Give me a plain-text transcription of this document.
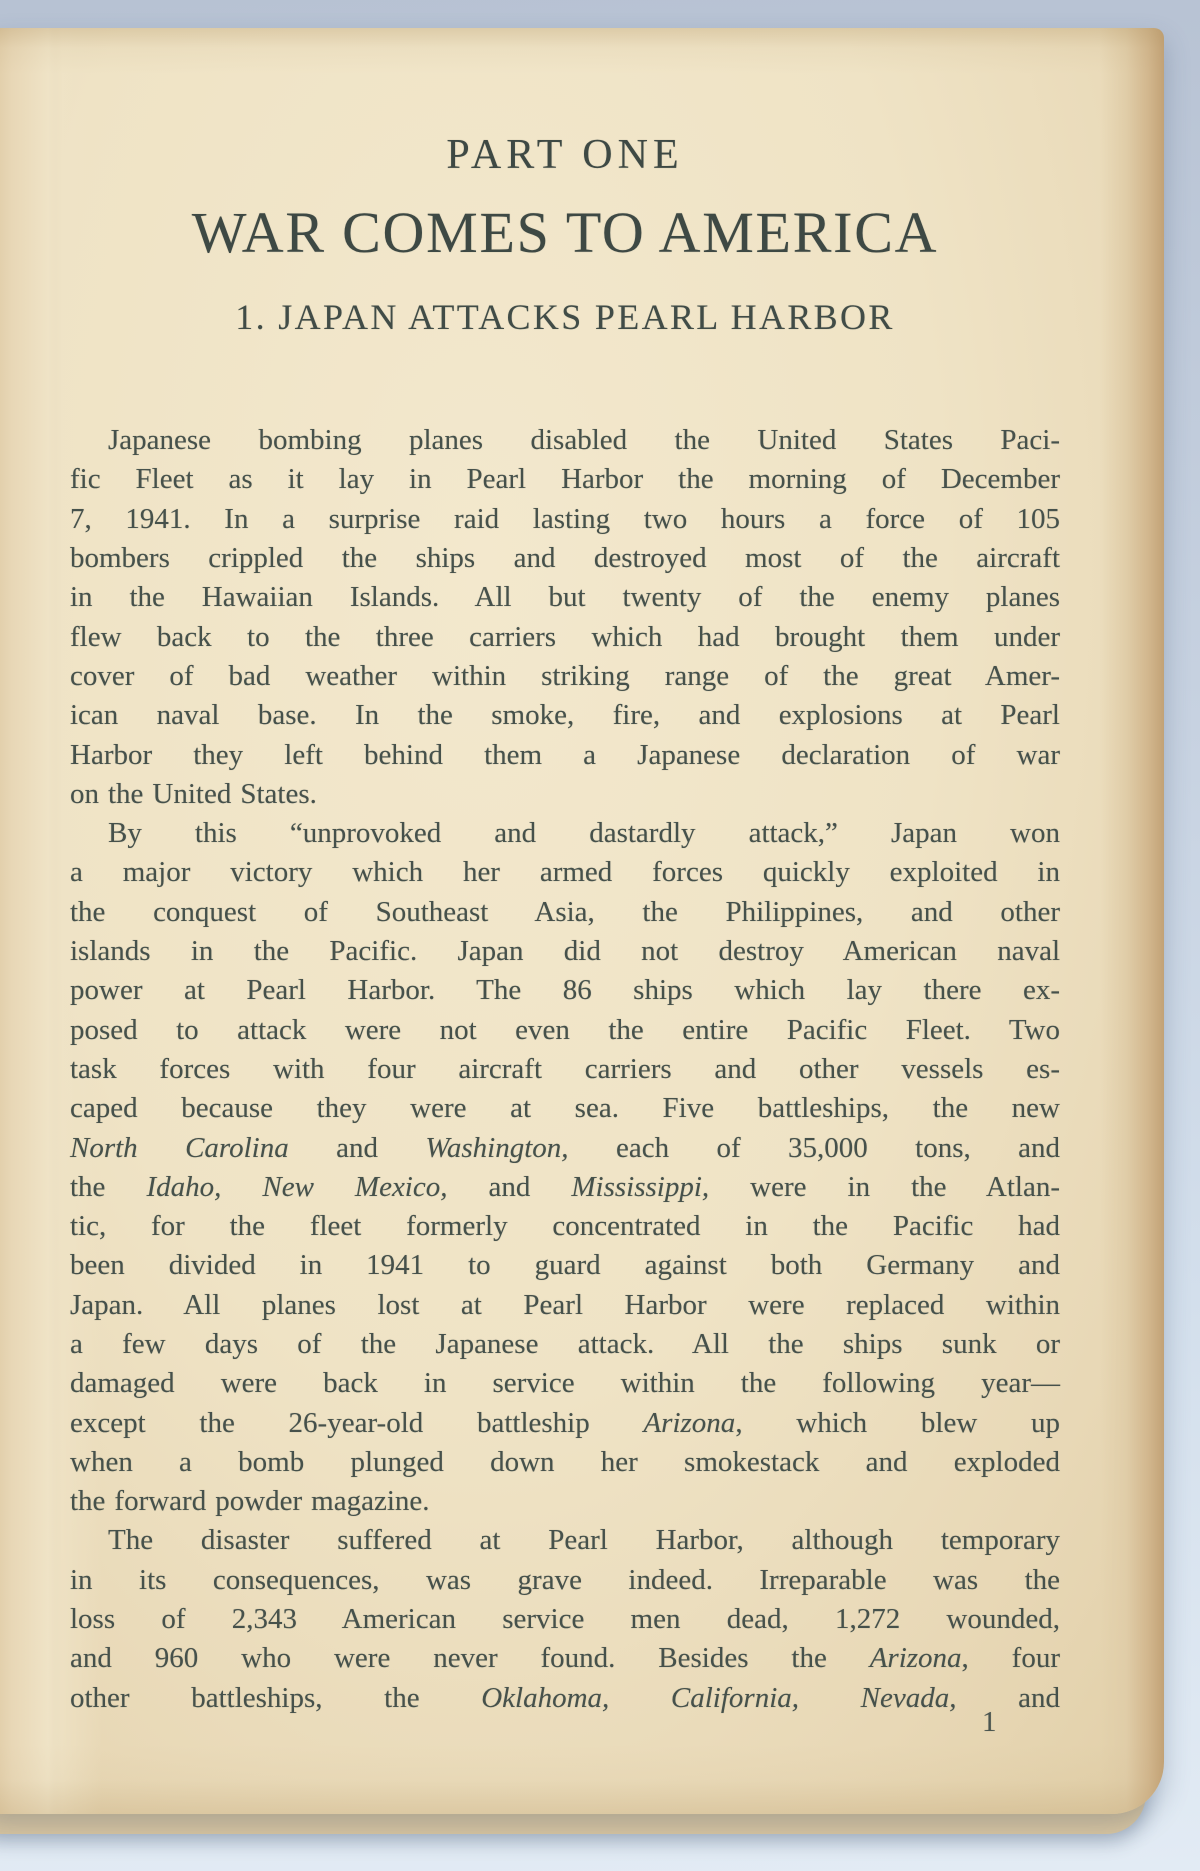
PART ONE
WAR COMES TO AMERICA
1. JAPAN ATTACKS PEARL HARBOR
Japanese bombing planes disabled the United States Paci-
fic Fleet as it lay in Pearl Harbor the morning of December
7, 1941. In a surprise raid lasting two hours a force of 105
bombers crippled the ships and destroyed most of the aircraft
in the Hawaiian Islands. All but twenty of the enemy planes
flew back to the three carriers which had brought them under
cover of bad weather within striking range of the great Amer-
ican naval base. In the smoke, fire, and explosions at Pearl
Harbor they left behind them a Japanese declaration of war
on the United States.
By this “unprovoked and dastardly attack,” Japan won
a major victory which her armed forces quickly exploited in
the conquest of Southeast Asia, the Philippines, and other
islands in the Pacific. Japan did not destroy American naval
power at Pearl Harbor. The 86 ships which lay there ex-
posed to attack were not even the entire Pacific Fleet. Two
task forces with four aircraft carriers and other vessels es-
caped because they were at sea. Five battleships, the new
North Carolina and Washington, each of 35,000 tons, and
the Idaho, New Mexico, and Mississippi, were in the Atlan-
tic, for the fleet formerly concentrated in the Pacific had
been divided in 1941 to guard against both Germany and
Japan. All planes lost at Pearl Harbor were replaced within
a few days of the Japanese attack. All the ships sunk or
damaged were back in service within the following year—
except the 26-year-old battleship Arizona, which blew up
when a bomb plunged down her smokestack and exploded
the forward powder magazine.
The disaster suffered at Pearl Harbor, although temporary
in its consequences, was grave indeed. Irreparable was the
loss of 2,343 American service men dead, 1,272 wounded,
and 960 who were never found. Besides the Arizona, four
other battleships, the Oklahoma, California, Nevada, and
1
